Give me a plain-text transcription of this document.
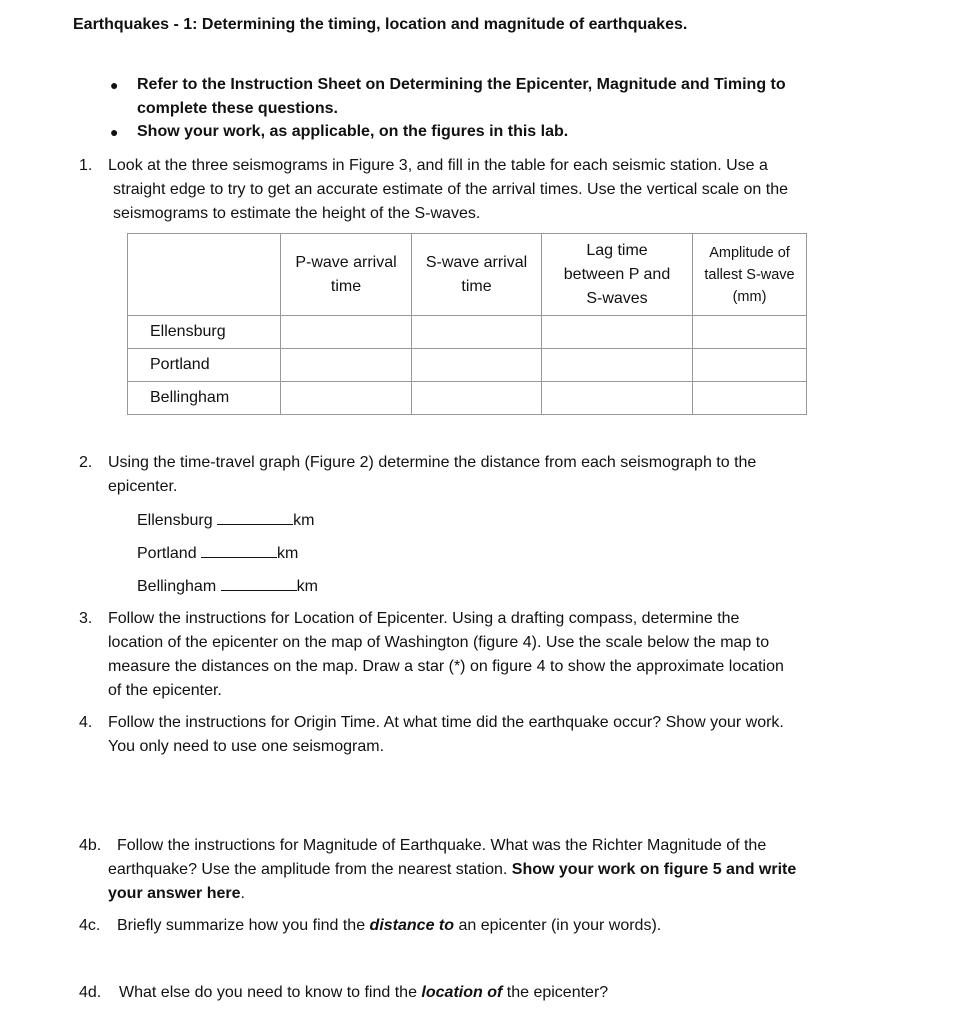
Earthquakes - 1: Determining the timing, location and magnitude of earthquakes.
● Refer to the Instruction Sheet on Determining the Epicenter, Magnitude and Timing to
complete these questions.
● Show your work, as applicable, on the figures in this lab.
1. Look at the three seismograms in Figure 3, and fill in the table for each seismic station. Use a
straight edge to try to get an accurate estimate of the arrival times. Use the vertical scale on the
seismograms to estimate the height of the S-waves.
	P-wave arrival
time	S-wave arrival
time	Lag time
between P and
S-waves	Amplitude of
tallest S-wave
(mm)
Ellensburg				
Portland				
Bellingham				
2. Using the time-travel graph (Figure 2) determine the distance from each seismograph to the
epicenter.
Ellensburg	km
Portland	km
Bellingham	km
3. Follow the instructions for Location of Epicenter. Using a drafting compass, determine the
location of the epicenter on the map of Washington (figure 4). Use the scale below the map to
measure the distances on the map. Draw a star (*) on figure 4 to show the approximate location
of the epicenter.
4. Follow the instructions for Origin Time. At what time did the earthquake occur? Show your work.
You only need to use one seismogram.
4b. Follow the instructions for Magnitude of Earthquake. What was the Richter Magnitude of the
earthquake? Use the amplitude from the nearest station. Show your work on figure 5 and write
your answer here.
4c. Briefly summarize how you find the distance to an epicenter (in your words).
4d. What else do you need to know to find the location of the epicenter?
